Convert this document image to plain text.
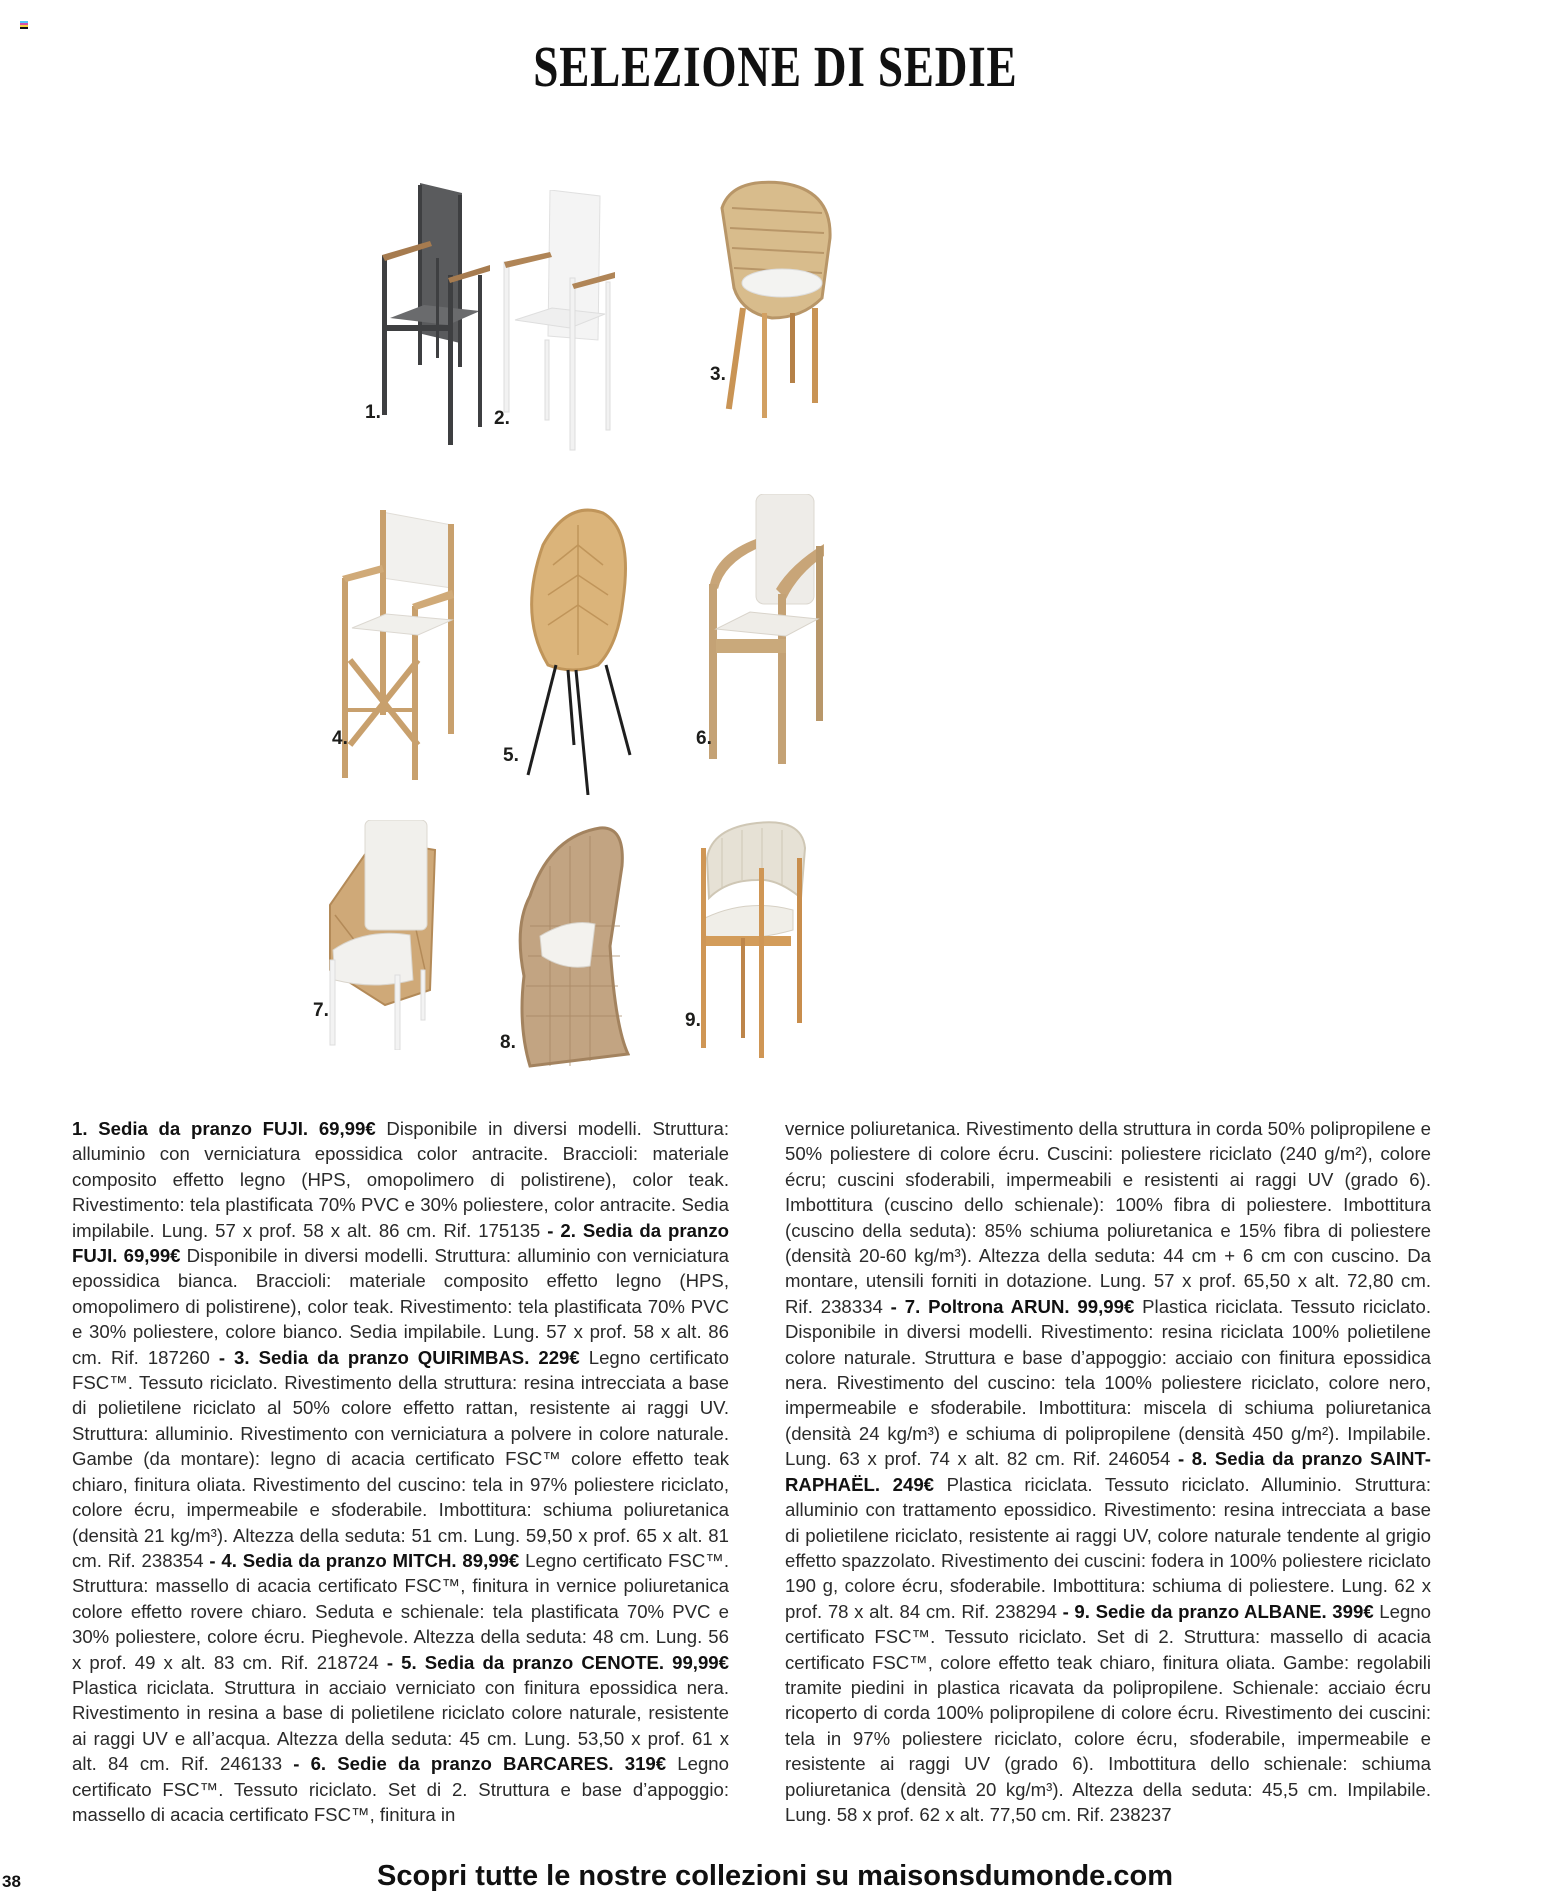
SELEZIONE DI SEDIE
1.	2.
3.
4.
5.
6.
7.
8.
9.
1. Sedia da pranzo FUJI. 69,99€ Disponibile in diversi modelli. Struttura: alluminio con verniciatura epossidica color antracite. Braccioli: materiale composito effetto legno (HPS, omopolimero di polistirene), color teak. Rivestimento: tela plastificata 70% PVC e 30% poliestere, color antracite. Sedia impilabile. Lung. 57 x prof. 58 x alt. 86 cm. Rif. 175135 - 2. Sedia da pranzo FUJI. 69,99€ Disponibile in diversi modelli. Struttura: alluminio con verniciatura epossidica bianca. Braccioli: materiale composito effetto legno (HPS, omopolimero di polistirene), color teak. Rivestimento: tela plastificata 70% PVC e 30% poliestere, colore bianco. Sedia impilabile. Lung. 57 x prof. 58 x alt. 86 cm. Rif. 187260 - 3. Sedia da pranzo QUIRIMBAS. 229€ Legno certificato FSC™. Tessuto riciclato. Rivestimento della struttura: resina intrecciata a base di polietilene riciclato al 50% colore effetto rattan, resistente ai raggi UV. Struttura: alluminio. Rivestimento con verniciatura a polvere in colore naturale. Gambe (da montare): legno di acacia certificato FSC™ colore effetto teak chiaro, finitura oliata. Rivestimento del cuscino: tela in 97% poliestere riciclato, colore écru, impermeabile e sfoderabile. Imbottitura: schiuma poliuretanica (densità 21 kg/m³). Altezza della seduta: 51 cm. Lung. 59,50 x prof. 65 x alt. 81 cm. Rif. 238354 - 4. Sedia da pranzo MITCH. 89,99€ Legno certificato FSC™. Struttura: massello di acacia certificato FSC™, finitura in vernice poliuretanica colore effetto rovere chiaro. Seduta e schienale: tela plastificata 70% PVC e 30% poliestere, colore écru. Pieghevole. Altezza della seduta: 48 cm. Lung. 56 x prof. 49 x alt. 83 cm. Rif. 218724 - 5. Sedia da pranzo CENOTE. 99,99€ Plastica riciclata. Struttura in acciaio verniciato con finitura epossidica nera. Rivestimento in resina a base di polietilene riciclato colore naturale, resistente ai raggi UV e all’acqua. Altezza della seduta: 45 cm. Lung. 53,50 x prof. 61 x alt. 84 cm. Rif. 246133 - 6. Sedie da pranzo BARCARES. 319€ Legno certificato FSC™. Tessuto riciclato. Set di 2. Struttura e base d’appoggio: massello di acacia certificato FSC™, finitura in
vernice poliuretanica. Rivestimento della struttura in corda 50% polipropilene e 50% poliestere di colore écru. Cuscini: poliestere riciclato (240 g/m²), colore écru; cuscini sfoderabili, impermeabili e resistenti ai raggi UV (grado 6). Imbottitura (cuscino dello schienale): 100% fibra di poliestere. Imbottitura (cuscino della seduta): 85% schiuma poliuretanica e 15% fibra di poliestere (densità 20-60 kg/m³). Altezza della seduta: 44 cm + 6 cm con cuscino. Da montare, utensili forniti in dotazione. Lung. 57 x prof. 65,50 x alt. 72,80 cm. Rif. 238334 - 7. Poltrona ARUN. 99,99€ Plastica riciclata. Tessuto riciclato. Disponibile in diversi modelli. Rivestimento: resina riciclata 100% polietilene colore naturale. Struttura e base d’appoggio: acciaio con finitura epossidica nera. Rivestimento del cuscino: tela 100% poliestere riciclato, colore nero, impermeabile e sfoderabile. Imbottitura: miscela di schiuma poliuretanica (densità 24 kg/m³) e schiuma di polipropilene (densità 450 g/m²). Impilabile. Lung. 63 x prof. 74 x alt. 82 cm. Rif. 246054 - 8. Sedia da pranzo SAINT-RAPHAËL. 249€ Plastica riciclata. Tessuto riciclato. Alluminio. Struttura: alluminio con trattamento epossidico. Rivestimento: resina intrecciata a base di polietilene riciclato, resistente ai raggi UV, colore naturale tendente al grigio effetto spazzolato. Rivestimento dei cuscini: fodera in 100% poliestere riciclato 190 g, colore écru, sfoderabile. Imbottitura: schiuma di poliestere. Lung. 62 x prof. 78 x alt. 84 cm. Rif. 238294 - 9. Sedie da pranzo ALBANE. 399€ Legno certificato FSC™. Tessuto riciclato. Set di 2. Struttura: massello di acacia certificato FSC™, colore effetto teak chiaro, finitura oliata. Gambe: regolabili tramite piedini in plastica ricavata da polipropilene. Schienale: acciaio écru ricoperto di corda 100% polipropilene di colore écru. Rivestimento dei cuscini: tela in 97% poliestere riciclato, colore écru, sfoderabile, impermeabile e resistente ai raggi UV (grado 6). Imbottitura dello schienale: schiuma poliuretanica (densità 20 kg/m³). Altezza della seduta: 45,5 cm. Impilabile. Lung. 58 x prof. 62 x alt. 77,50 cm. Rif. 238237
38	Scopri tutte le nostre collezioni su maisonsdumonde.com
